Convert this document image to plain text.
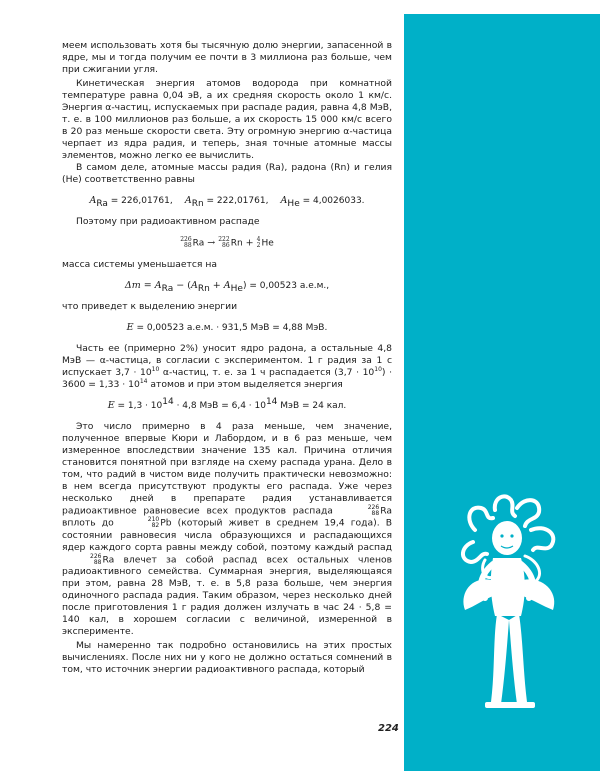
меем использовать хотя бы тысячную долю энергии, запасенной в ядре, мы и тогда получим ее почти в 3 миллиона раз больше, чем при сжигании угля.

Кинетическая энергия атомов водорода при комнатной температуре равна 0,04 эВ, а их средняя скорость около 1 км/с. Энергия α-частиц, испускаемых при распаде радия, равна 4,8 МэВ, т. е. в 100 миллионов раз больше, а их скорость 15 000 км/с всего в 20 раз меньше скорости света. Эту огромную энергию α-частица черпает из ядра радия, и теперь, зная точные атомные массы элементов, можно легко ее вычислить.

В самом деле, атомные массы радия (Ra), радона (Rn) и гелия (He) соответственно равны

$A_{Ra} = 226,01761$, $A_{Rn} = 222,01761$, $A_{He} = 4,0026033$.

Поэтому при радиоактивном распаде

226
88 Ra → 222
86 Rn + 4
2 He

масса системы уменьшается на

$\Delta m = A_{Ra} - (A_{Rn} + A_{He}) = 0,00523$ а.е.м.,

что приведет к выделению энергии

E = 0,00523 а.е.м. · 931,5 МэВ = 4,88 МэВ.

Часть ее (примерно 2%) уносит ядро радона, а остальные 4,8 МэВ — α-частица, в согласии с экспериментом. 1 г радия за 1 с испускает $3,7 \cdot 10^{10}$ α-частиц, т. е. за 1 ч распадается $(3,7 \cdot 10^{10}) \cdot 3600 = 1,33 \cdot 10^{14}$ атомов и при этом выделяется энергия

$E = 1,3 \cdot 10^{14} \cdot 4,8$ МэВ = $6,4 \cdot 10^{14}$ МэВ = 24 кал.

Это число примерно в 4 раза меньше, чем значение, полученное впервые Кюри и Лабордом, и в 6 раз меньше, чем измеренное впоследствии значение 135 кал. Причина отличия становится понятной при взгляде на схему распада урана. Дело в том, что радий в чистом виде получить практически невозможно: в нем всегда присутствуют продукты его распада. Уже через несколько дней в препарате радия устанавливается радиоактивное равновесие всех продуктов распада	226
88 Ra вплоть до	210
82 Pb (который живет в среднем 19,4 года). В состоянии равновесия числа образующихся и распадающихся ядер каждого сорта равны между собой, поэтому каждый распад
226
88 Ra влечет за собой распад всех остальных членов радиоактивного семейства. Суммарная энергия, выделяющаяся при этом, равна 28 МэВ, т. е. в 5,8 раза больше, чем энергия одиночного распада радия. Таким образом, через несколько дней после приготовления 1 г радия должен излучать в час 24 · 5,8 = 140 кал, в хорошем согласии с величиной, измеренной в эксперименте.

Мы намеренно так подробно остановились на этих простых вычислениях. После них ни у кого не должно остаться сомнений в том, что источник энергии радиоактивного распада, который

224
